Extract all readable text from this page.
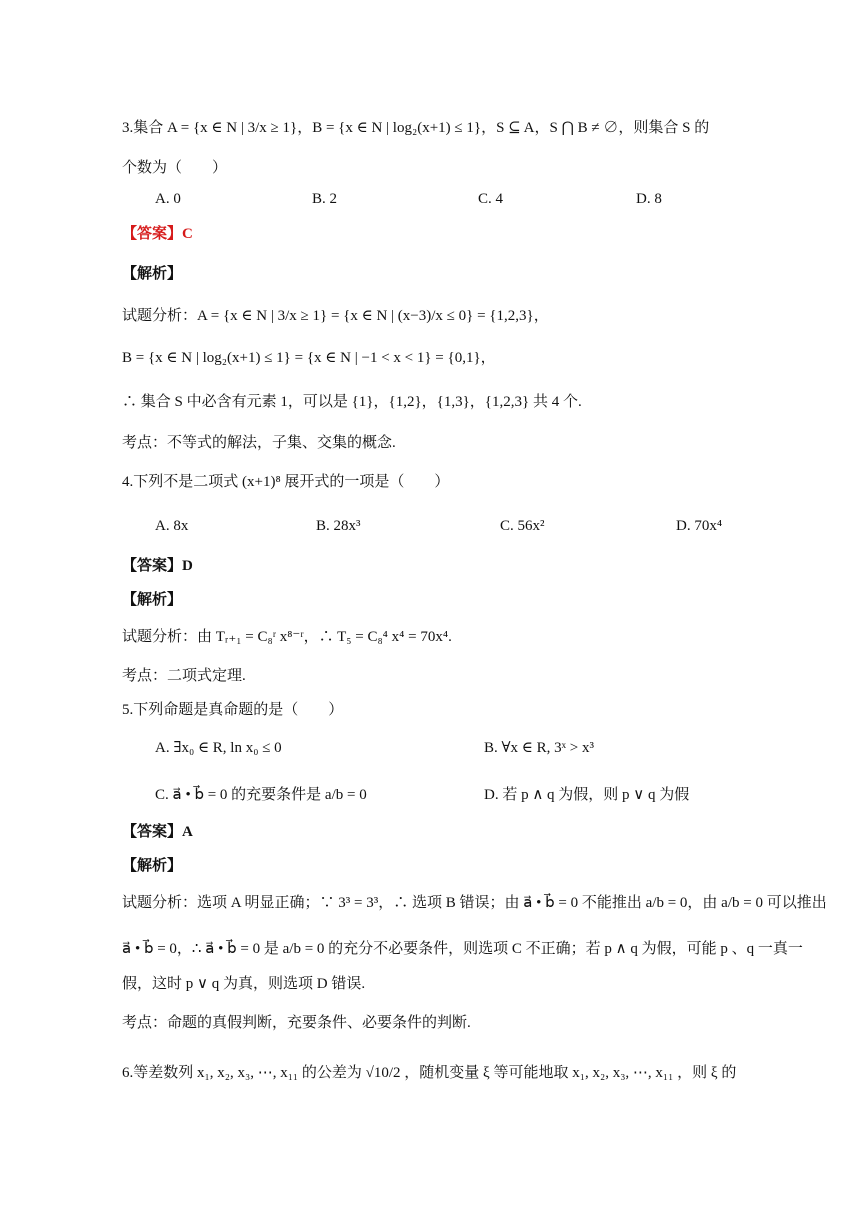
3.集合 A = {x ∈ N | 3/x ≥ 1}，B = {x ∈ N | log₂(x+1) ≤ 1}，S ⊆ A，S ⋂ B ≠ ∅，则集合 S 的
个数为（　　）
A. 0	B. 2	C. 4	D. 8
【答案】C
【解析】
试题分析：A = {x ∈ N | 3/x ≥ 1} = {x ∈ N | (x−3)/x ≤ 0} = {1,2,3}，
B = {x ∈ N | log₂(x+1) ≤ 1} = {x ∈ N | −1 < x < 1} = {0,1}，
∴ 集合 S 中必含有元素 1，可以是 {1}，{1,2}，{1,3}，{1,2,3} 共 4 个.
考点：不等式的解法，子集、交集的概念.
4.下列不是二项式 (x+1)⁸ 展开式的一项是（　　）
A. 8x	B. 28x³	C. 56x²	D. 70x⁴
【答案】D
【解析】
试题分析：由 Tᵣ₊₁ = C₈ʳ x⁸⁻ʳ，∴ T₅ = C₈⁴ x⁴ = 70x⁴.
考点：二项式定理.
5.下列命题是真命题的是（　　）
A. ∃x₀ ∈ R, ln x₀ ≤ 0	B. ∀x ∈ R, 3ˣ > x³
C. a⃗ • b⃗ = 0 的充要条件是 a/b = 0	D. 若 p ∧ q 为假，则 p ∨ q 为假
【答案】A
【解析】
试题分析：选项 A 明显正确；∵ 3³ = 3³，∴ 选项 B 错误；由 a⃗ • b⃗ = 0 不能推出 a/b = 0，由 a/b = 0 可以推出
a⃗ • b⃗ = 0，∴ a⃗ • b⃗ = 0 是 a/b = 0 的充分不必要条件，则选项 C 不正确；若 p ∧ q 为假，可能 p 、q 一真一
假，这时 p ∨ q 为真，则选项 D 错误.
考点：命题的真假判断，充要条件、必要条件的判断.
6.等差数列 x₁, x₂, x₃, ⋯, x₁₁ 的公差为 √10/2 ，随机变量 ξ 等可能地取 x₁, x₂, x₃, ⋯, x₁₁ ，则 ξ 的
